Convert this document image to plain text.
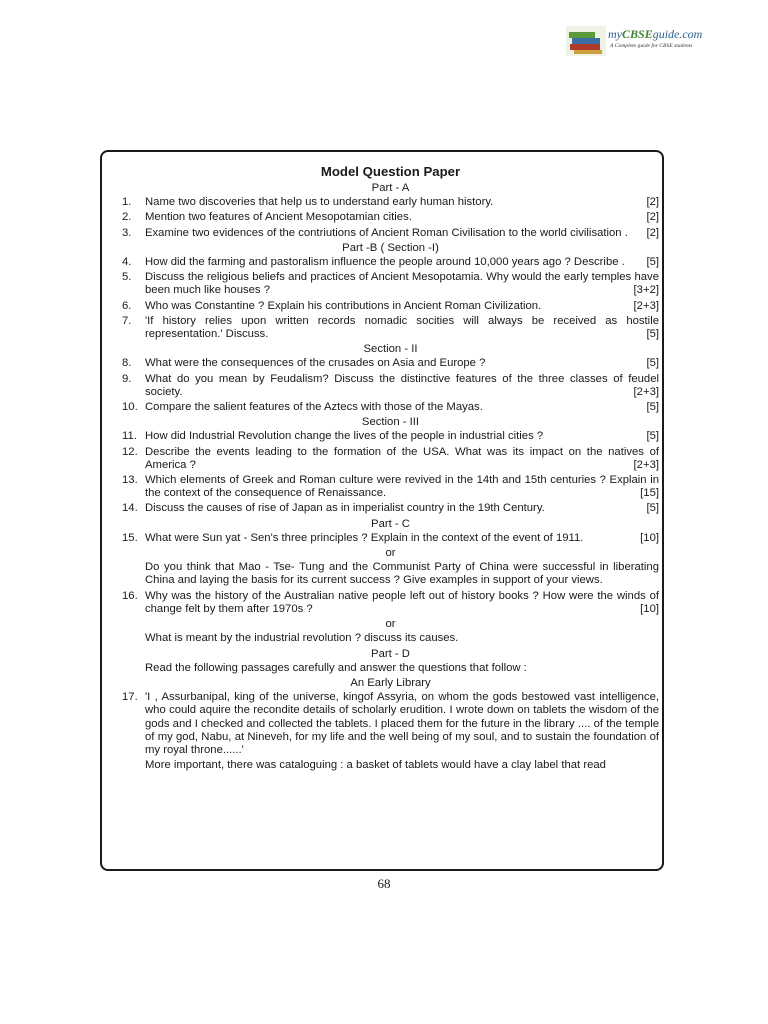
myCBSEguide.com
A Complete guide for CBSE students
Model Question Paper
Part - A
1.	Name two discoveries that help us to understand early human history.	[2]
2.	Mention two features of Ancient Mesopotamian cities.	[2]
3.	Examine two evidences of the contriutions of Ancient Roman Civilisation to the world civilisation . [2]
Part -B ( Section -I)
4.	How did the farming and pastoralism influence the people around 10,000 years ago ? Describe . [5]
5.	Discuss the religious beliefs and practices of Ancient Mesopotamia. Why would the early temples have been much like houses ?	[3+2]
6.	Who was Constantine ? Explain his contributions in Ancient Roman Civilization.	[2+3]
7.	'If history relies upon written records nomadic socities will always be received as hostile representation.' Discuss.	[5]
Section - II
8.	What were the consequences of the crusades on Asia and Europe ?	[5]
9.	What do you mean by Feudalism? Discuss the distinctive features of the three classes of feudel society.	[2+3]
10. Compare the salient features of the Aztecs with those of the Mayas.	[5]
Section - III
11. How did Industrial Revolution change the lives of the people in industrial cities ?	[5]
12. Describe the events leading to the formation of the USA. What was its impact on the natives of America ?	[2+3]
13. Which elements of Greek and Roman culture were revived in the 14th and 15th centuries ? Explain in the context of the consequence of Renaissance.	[15]
14. Discuss the causes of rise of Japan as in imperialist country in the 19th Century.	[5]
Part - C
15. What were Sun yat - Sen's three principles ? Explain in the context of the event of 1911.	[10]
or
Do you think that Mao - Tse- Tung and the Communist Party of China were successful in liberating China and laying the basis for its current success ? Give examples in support of your views.
16. Why was the history of the Australian native people left out of history books ? How were the winds of change felt by them after 1970s ?	[10]
or
What is meant by the industrial revolution ? discuss its causes.
Part - D
Read the following passages carefully and answer the questions that follow :
An Early Library
17. 'I , Assurbanipal, king of the universe, kingof Assyria, on whom the gods bestowed vast intelligence, who could aquire the recondite details of scholarly erudition. I wrote down on tablets the wisdom of the gods and I checked and collected the tablets. I placed them for the future in the library .... of the temple of my god, Nabu, at Nineveh, for my life and the well being of my soul, and to sustain the foundation of my royal throne......'
More important, there was cataloguing : a basket of tablets would have a clay label that read
68
